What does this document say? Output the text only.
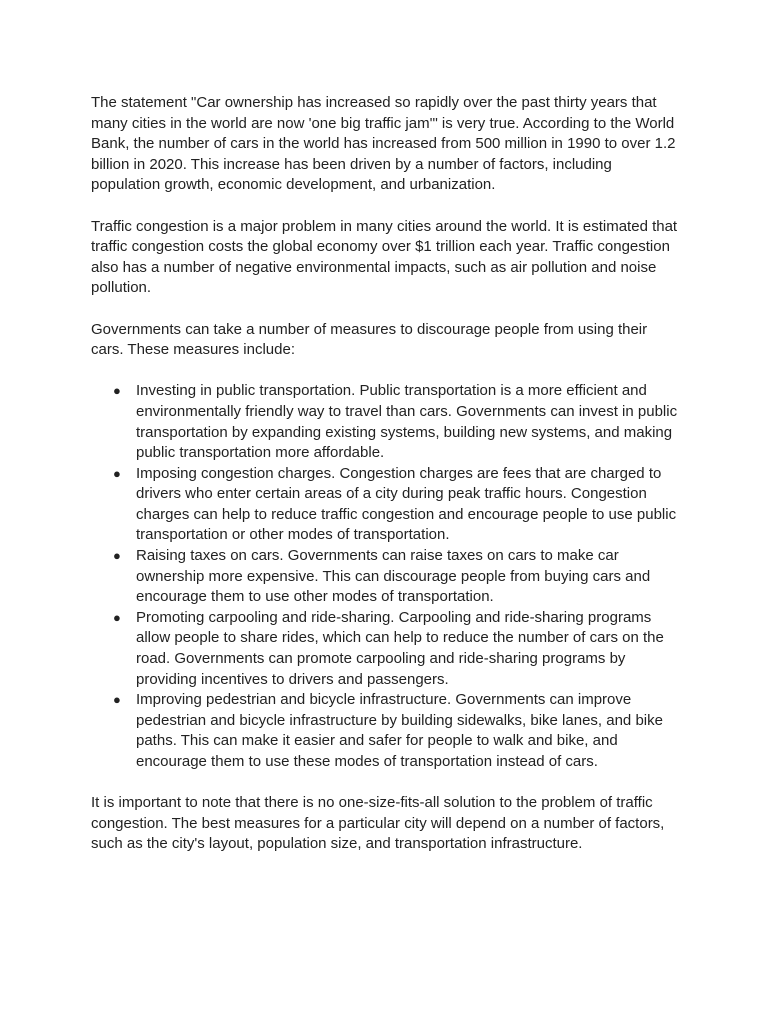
The statement "Car ownership has increased so rapidly over the past thirty years that many cities in the world are now 'one big traffic jam'" is very true. According to the World Bank, the number of cars in the world has increased from 500 million in 1990 to over 1.2 billion in 2020. This increase has been driven by a number of factors, including population growth, economic development, and urbanization.

Traffic congestion is a major problem in many cities around the world. It is estimated that traffic congestion costs the global economy over $1 trillion each year. Traffic congestion also has a number of negative environmental impacts, such as air pollution and noise pollution.

Governments can take a number of measures to discourage people from using their cars. These measures include:

● Investing in public transportation. Public transportation is a more efficient and environmentally friendly way to travel than cars. Governments can invest in public transportation by expanding existing systems, building new systems, and making public transportation more affordable.
● Imposing congestion charges. Congestion charges are fees that are charged to drivers who enter certain areas of a city during peak traffic hours. Congestion charges can help to reduce traffic congestion and encourage people to use public transportation or other modes of transportation.
● Raising taxes on cars. Governments can raise taxes on cars to make car ownership more expensive. This can discourage people from buying cars and encourage them to use other modes of transportation.
● Promoting carpooling and ride-sharing. Carpooling and ride-sharing programs allow people to share rides, which can help to reduce the number of cars on the road. Governments can promote carpooling and ride-sharing programs by providing incentives to drivers and passengers.
● Improving pedestrian and bicycle infrastructure. Governments can improve pedestrian and bicycle infrastructure by building sidewalks, bike lanes, and bike paths. This can make it easier and safer for people to walk and bike, and encourage them to use these modes of transportation instead of cars.

It is important to note that there is no one-size-fits-all solution to the problem of traffic congestion. The best measures for a particular city will depend on a number of factors, such as the city's layout, population size, and transportation infrastructure.
